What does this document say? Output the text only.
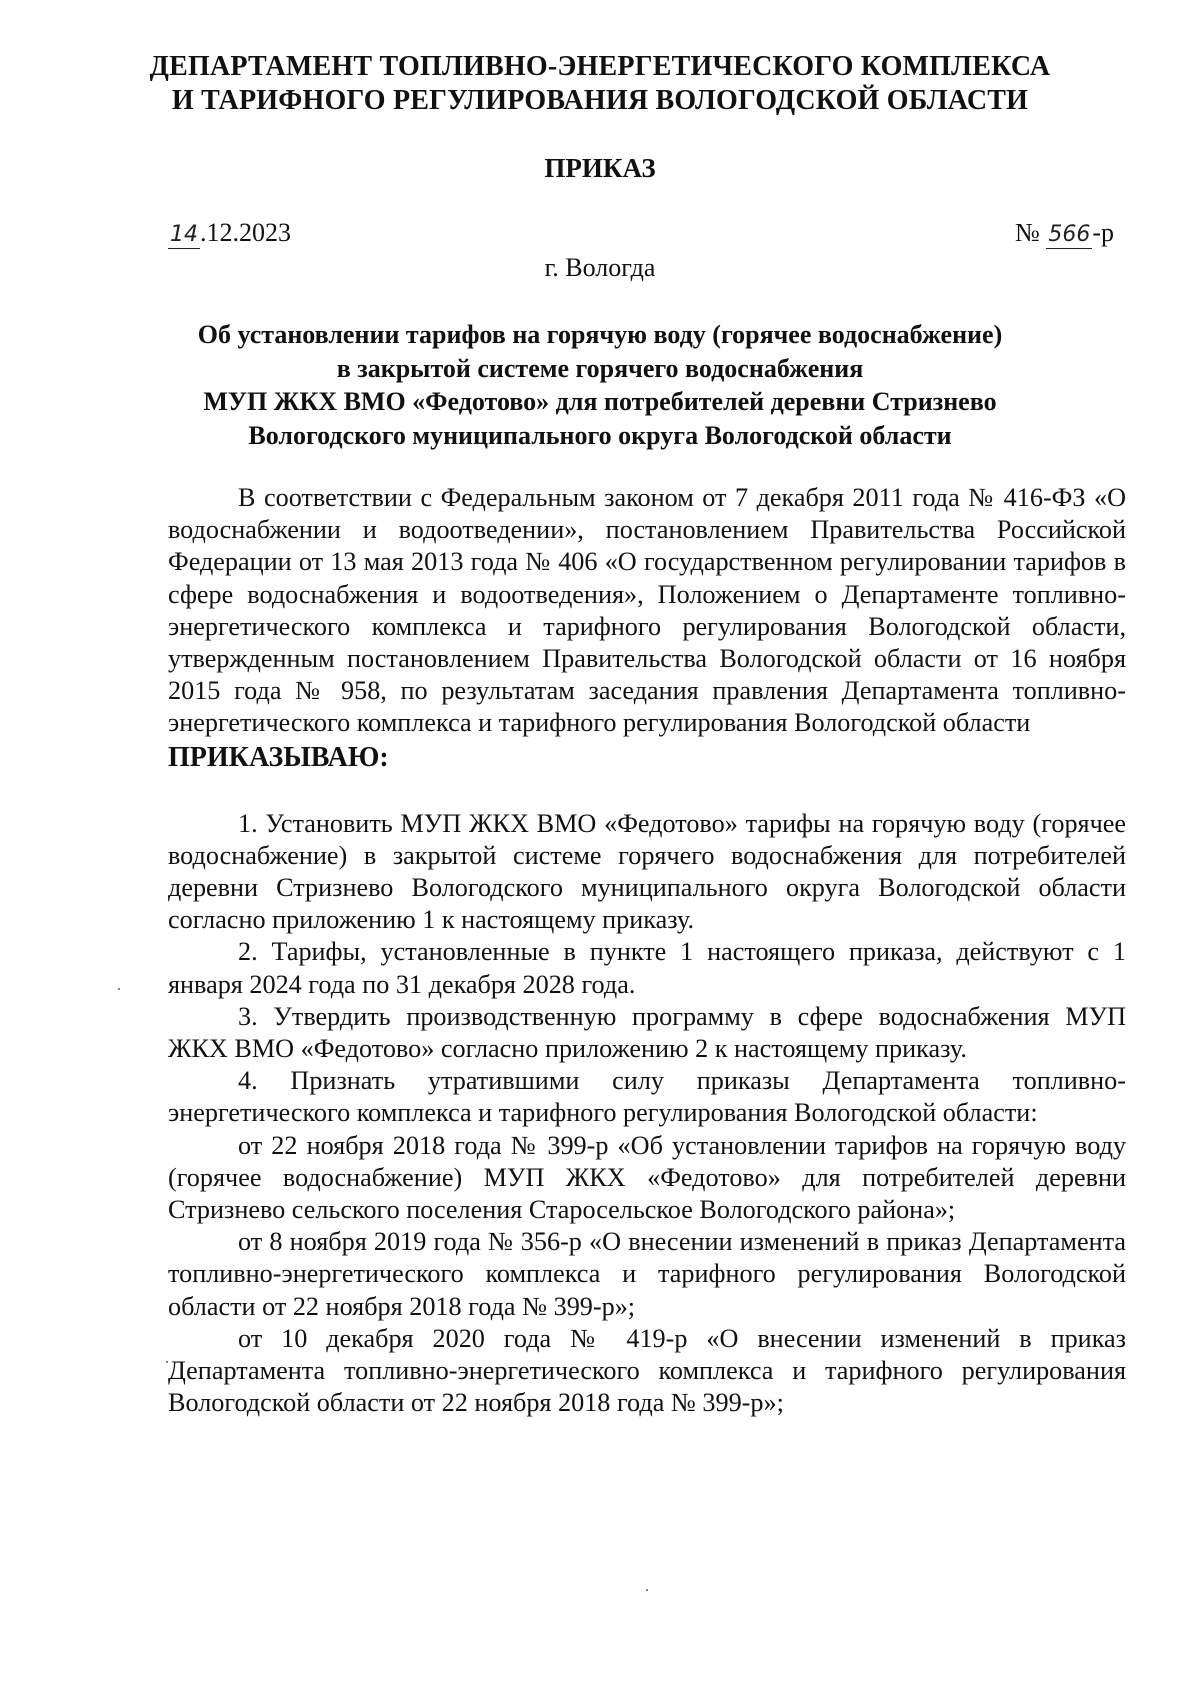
ДЕПАРТАМЕНТ ТОПЛИВНО-ЭНЕРГЕТИЧЕСКОГО КОМПЛЕКСА
И ТАРИФНОГО РЕГУЛИРОВАНИЯ ВОЛОГОДСКОЙ ОБЛАСТИ
ПРИКАЗ
14.12.2023	№ 566-р
г. Вологда
Об установлении тарифов на горячую воду (горячее водоснабжение)
в закрытой системе горячего водоснабжения
МУП ЖКХ ВМО «Федотово» для потребителей деревни Стризнево
Вологодского муниципального округа Вологодской области

В соответствии с Федеральным законом от 7 декабря 2011 года № 416-ФЗ «О водоснабжении и водоотведении», постановлением Правительства Российской Федерации от 13 мая 2013 года № 406 «О государственном регулировании тарифов в сфере водоснабжения и водоотведения», Положением о Департаменте топливно-энергетического комплекса и тарифного регулирования Вологодской области, утвержденным постановлением Правительства Вологодской области от 16 ноября 2015 года № 958, по результатам заседания правления Департамента топливно-энергетического комплекса и тарифного регулирования Вологодской области

ПРИКАЗЫВАЮ:

1. Установить МУП ЖКХ ВМО «Федотово» тарифы на горячую воду (горячее водоснабжение) в закрытой системе горячего водоснабжения для потребителей деревни Стризнево Вологодского муниципального округа Вологодской области согласно приложению 1 к настоящему приказу.

2. Тарифы, установленные в пункте 1 настоящего приказа, действуют с 1 января 2024 года по 31 декабря 2028 года.

3. Утвердить производственную программу в сфере водоснабжения МУП ЖКХ ВМО «Федотово» согласно приложению 2 к настоящему приказу.

4. Признать утратившими силу приказы Департамента топливно-энергетического комплекса и тарифного регулирования Вологодской области:

от 22 ноября 2018 года № 399-р «Об установлении тарифов на горячую воду (горячее водоснабжение) МУП ЖКХ «Федотово» для потребителей деревни Стризнево сельского поселения Старосельское Вологодского района»;

от 8 ноября 2019 года № 356-р «О внесении изменений в приказ Департамента топливно-энергетического комплекса и тарифного регулирования Вологодской области от 22 ноября 2018 года № 399-р»;

от 10 декабря 2020 года № 419-р «О внесении изменений в приказ Департамента топливно-энергетического комплекса и тарифного регулирования Вологодской области от 22 ноября 2018 года № 399-р»;
